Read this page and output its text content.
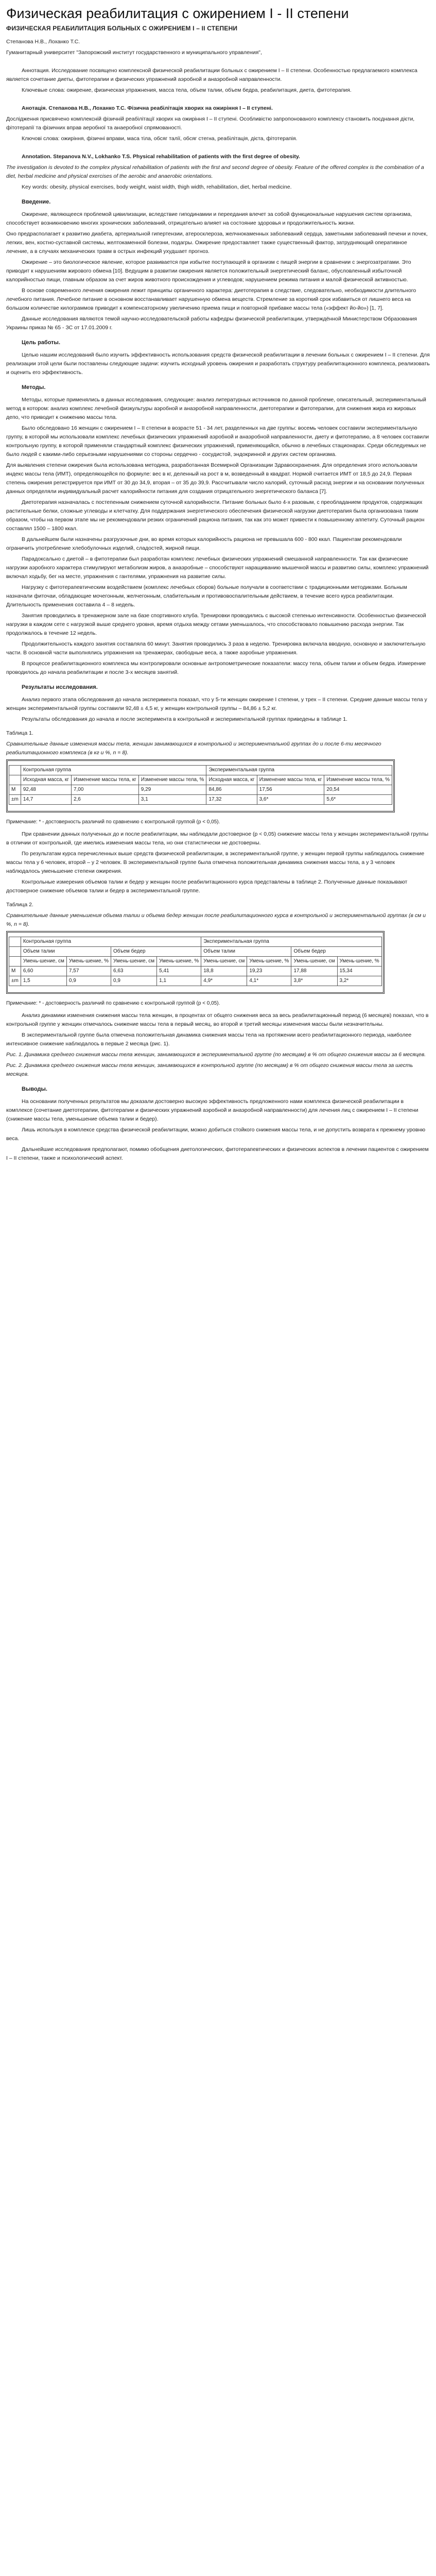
Физическая реабилитация с ожирением I - II степени
ФИЗИЧЕСКАЯ РЕАБИЛИТАЦИЯ БОЛЬНЫХ С ОЖИРЕНИЕМ I – II СТЕПЕНИ

Степанова Н.В., Лоханко Т.С.

Гуманитарный университет "Запорожский институт государственного и муниципального управления",

Аннотация. Исследование посвящено комплексной физической реабилитации больных с ожирением I – II степени. Особенностью предлагаемого комплекса является сочетание диеты, фитотерапии и физических упражнений аэробной и анаэробной направленности.

Ключевые слова: ожирение, физическая упражнения, масса тела, объем талии, объем бедра, реабилитация, диета, фитотерапия.

Анотація. Степанова Н.В., Лоханко Т.С. Фізична реабілітація хворих на ожиріння I – II ступені.

Дослідження присвячено комплексній фізичній реабілітації хворих на ожиріння I – II ступені. Особливістю запропонованого комплексу становить поєднання дієти, фітотерапії та фізичних вправ аеробної та анаеробної спрямованості.

Ключові слова: ожиріння, фізичні вправи, маса тіла, обсяг талії, обсяг стегна, реабілітація, дієта, фітотерапія.

Annotation. Stepanova N.V., Lokhanko T.S. Physical rehabilitation of patients with the first degree of obesity.

The investigation is devoted to the complex physical rehabilitation of patients with the first and second degree of obesity. Feature of the offered complex is the combination of a diet, herbal medicine and physical exercises of the aerobic and anaerobic orientations.

Key words: obesity, physical exercises, body weight, waist width, thigh width, rehabilitation, diet, herbal medicine.

Введение.

Ожирение, являющееся проблемой цивилизации, вследствие гиподинамии и переедания влечет за собой функциональные нарушения систем организма, способствует возникновению многих хронических заболеваний, отрицательно влияет на состояние здоровья и продолжительность жизни.

Оно предрасполагает к развитию диабета, артериальной гипертензии, атеросклероза, желчнокаменных заболеваний сердца, заметными заболеваний печени и почек, легких, вен, костно-суставной системы, желтокаменной болезни, подагры. Ожирение предоставляет также существенный фактор, затрудняющий оперативное лечение, а в случаях механических травм в острых инфекций ухудшает прогноз.

Ожирение – это биологическое явление, которое развивается при избытке поступающей в организм с пищей энергии в сравнении с энергозатратами. Это приводит к нарушениям жирового обмена [10]. Ведущим в развитии ожирения является положительный энергетический баланс, обусловленный избыточной калорийностью пищи, главным образом за счет жиров животного происхождения и углеводов; нарушением режима питания и малой физической активностью.

В основе современного лечения ожирения лежит принципы органичного характера: диетотерапия в следствие, следовательно, необходимости длительного лечебного питания. Лечебное питание в основном восстанавливает нарушенную обмена веществ. Стремление за короткий срок избавиться от лишнего веса на большом количестве килограммов приводит к компенсаторному увеличению приема пищи и повторной прибавке массы тела («эффект йо-йо») [1, 7].

Данные исследования являются темой научно-исследовательской работы кафедры физической реабилитации, утверждённой Министерством Образования Украины приказ № 65 - ЗС от 17.01.2009 г.

Цель работы.

Целью нашим исследований было изучить эффективность использования средств физической реабилитации в лечении больных с ожирением I – II степени. Для реализации этой цели были поставлены следующие задачи: изучить исходный уровень ожирения и разработать структуру реабилитационного комплекса, реализовать и оценить его эффективность.

Методы.

Методы, которые применялись в данных исследования, следующие: анализ литературных источников по данной проблеме, описательный, экспериментальный метод в котором: анализ комплекс лечебной физкультуры аэробной и анаэробной направленности, диетотерапии и фитотерапии, для снижения жира из жировых депо, что приводит к снижению массы тела.

Было обследовано 16 женщин с ожирением I – II степени в возрасте 51 - 34 лет, разделенных на две группы: восемь человек составили экспериментальную группу, в которой мы использовали комплекс лечебных физических упражнений аэробной и анаэробной направленности, диету и фитотерапию, а 8 человек составили контрольную группу, в которой применяли стандартный комплекс физических упражнений, применяющийся, обычно в лечебных стационарах. Среди обследуемых не было людей с какими-либо серьезными нарушениями со стороны сердечно - сосудистой, эндокринной и других систем организма.

Для выявления степени ожирения была использована методика, разработанная Всемирной Организации Здравоохранения. Для определения этого использовали индекс массы тела (ИМТ), определяющейся по формуле: вес в кг, деленный на рост в м, возведенный в квадрат. Нормой считается ИМТ от 18,5 до 24,9. Первая степень ожирения регистрируется при ИМТ от 30 до 34,9, вторая – от 35 до 39,9. Рассчитывали число калорий, суточный расход энергии и на основании полученных данных определяли индивидуальный расчет калорийности питания для создания отрицательного энергетического баланса [7].

Диетотерапия назначалась с постепенным снижением суточной калорийности. Питание больных было 4-х разовым, с преобладанием продуктов, содержащих растительные белки, сложные углеводы и клетчатку. Для поддержания энергетического обеспечения физической нагрузки диетотерапия была организована таким образом, чтобы на первом этапе мы не рекомендовали резких ограничений рациона питания, так как это может привести к повышенному аппетиту. Суточный рацион составлял 1500 – 1800 ккал.

В дальнейшем были назначены разгрузочные дни, во время которых калорийность рациона не превышала 600 - 800 ккал. Пациентам рекомендовали ограничить употребление хлебобулочных изделий, сладостей, жирной пищи.

Парадоксально с диетой – в фитотерапии был разработан комплекс лечебных физических упражнений смешанной направленности. Так как физические нагрузки аэробного характера стимулируют метаболизм жиров, а анаэробные – способствуют наращиванию мышечной массы и развитию силы, комплекс упражнений включал ходьбу, бег на месте, упражнения с гантелями, упражнения на развитие силы.

Нагрузку с фитотерапевтическим воздействием (комплекс лечебных сборов) больные получали в соответствии с традиционными методиками. Больным назначали фиточаи, обладающие мочегонным, желчегонным, слабительным и противовоспалительным действием, в течение всего курса реабилитации. Длительность применения составила 4 – 8 недель.

Занятия проводились в тренажерном зале на базе спортивного клуба. Тренировки проводились с высокой степенью интенсивности. Особенностью физической нагрузки в каждом сете с нагрузкой выше среднего уровня, время отдыха между сетами уменьшалось, что способствовало повышению расхода энергии. Так продолжалось в течение 12 недель.

Продолжительность каждого занятия составляла 60 минут. Занятия проводились 3 раза в неделю. Тренировка включала вводную, основную и заключительную части. В основной части выполнялись упражнения на тренажерах, свободные веса, а также аэробные упражнения.

В процессе реабилитационного комплекса мы контролировали основные антропометрические показатели: массу тела, объем талии и объем бедра. Измерение проводилось до начала реабилитации и после 3-х месяцев занятий.

Результаты исследования.

Анализ первого этапа обследования до начала эксперимента показал, что у 5-ти женщин ожирение I степени, у трех – II степени. Средние данные массы тела у женщин экспериментальной группы составили 92,48 ± 4,5 кг, у женщин контрольной группы – 84,86 ± 5,2 кг.

Результаты обследования до начала и после эксперимента в контрольной и экспериментальной группах приведены в таблице 1.

Таблица 1.

Сравнительные данные изменения массы тела, женщин занимающихся в контрольной и экспериментальной группах до и после 6-ти месячного реабилитационного комплекса (в кг и %, n = 8).

	Контрольная группа			Экспериментальная группа		
	Исходная масса, кг	Изменение массы тела, кг	Изменение массы тела, %	Исходная масса, кг	Изменение массы тела, кг	Изменение массы тела, %
M	92,48	7,00	9,29	84,86	17,56	20,54
±m	14,7	2,6	3,1	17,32	3,6*	5,6*

Примечание: * - достоверность различий по сравнению с контрольной группой (р < 0,05).

При сравнении данных полученных до и после реабилитации, мы наблюдали достоверное (р < 0,05) снижение массы тела у женщин экспериментальной группы в отличии от контрольной, где имелись изменения массы тела, но они статистически не достоверны.

По результатам курса перечисленных выше средств физической реабилитации, в экспериментальной группе, у женщин первой группы наблюдалось снижение массы тела у 6 человек, второй – у 2 человек. В экспериментальной группе была отмечена положительная динамика снижения массы тела, а у 3 человек наблюдалось уменьшение степени ожирения.

Контрольные измерения объемов талии и бедер у женщин после реабилитационного курса представлены в таблице 2. Полученные данные показывают достоверное снижение объемов талии и бедер в экспериментальной группе.

Таблица 2.

Сравнительные данные уменьшения объема талии и объема бедер женщин после реабилитационного курса в контрольной и экспериментальной группах (в см и %, n = 8).

	Контрольная группа				Экспериментальная группа			
	Объем талии		Объем бедер		Объем талии		Объем бедер	
	Умень-шение, см	Умень-шение, %	Умень-шение, см	Умень-шение, %	Умень-шение, см	Умень-шение, %	Умень-шение, см	Умень-шение, %
M	6,60	7,57	6,63	5,41	18,8	19,23	17,88	15,34
±m	1,5	0,9	0,9	1,1	4,9*	4,1*	3,8*	3,2*

Примечание: * - достоверность различий по сравнению с контрольной группой (р < 0,05).

Анализ динамики изменения снижения массы тела женщин, в процентах от общего снижения веса за весь реабилитационный период (6 месяцев) показал, что в контрольной группе у женщин отмечалось снижение массы тела в первый месяц, во второй и третий месяцы изменения массы были незначительны.

В экспериментальной группе была отмечена положительная динамика снижения массы тела на протяжении всего реабилитационного периода, наиболее интенсивное снижение наблюдалось в первые 2 месяца (рис. 1).

Рис. 1. Динамика среднего снижения массы тела женщин, занимающихся в экспериментальной группе (по месяцам) в % от общего снижения массы за 6 месяцев.

Рис. 2. Динамика среднего снижения массы тела женщин, занимающихся в контрольной группе (по месяцам) в % от общего снижения массы тела за шесть месяцев.

Выводы.

На основании полученных результатов мы доказали достоверно высокую эффективность предложенного нами комплекса физической реабилитации в комплексе (сочетание диетотерапии, фитотерапии и физических упражнений аэробной и анаэробной направленности) для лечения лиц с ожирением I – II степени (снижение массы тела, уменьшение объема талии и бедер).

Лишь используя в комплексе средства физической реабилитации, можно добиться стойкого снижения массы тела, и не допустить возврата к прежнему уровню веса.

Дальнейшие исследования предполагают, помимо обобщения диетологических, фитотерапевтических и физических аспектов в лечении пациентов с ожирением I – II степени, также и психологический аспект.
